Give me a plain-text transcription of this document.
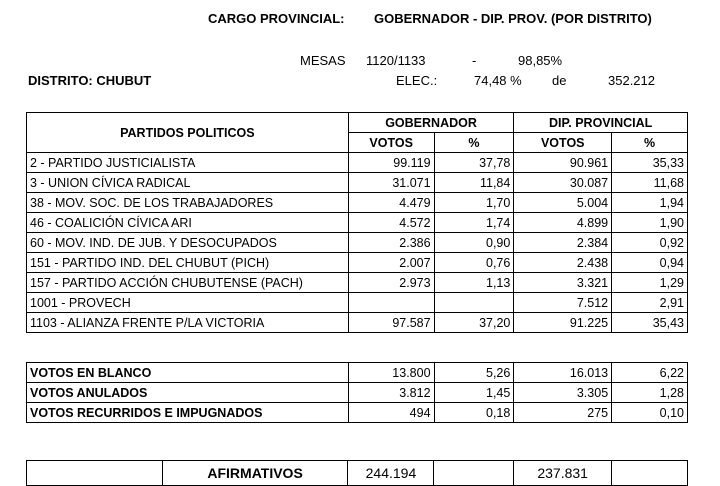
CARGO PROVINCIAL: GOBERNADOR - DIP. PROV. (POR DISTRITO)
MESAS 1120/1133	-	98,85%
DISTRITO: CHUBUT	ELEC.:	74,48 % de	352.212
PARTIDOS POLITICOS	GOBERNADOR		DIP. PROVINCIAL	
	VOTOS	%	VOTOS	%
2 - PARTIDO JUSTICIALISTA	99.119	37,78	90.961	35,33
3 - UNION CÍVICA RADICAL	31.071	11,84	30.087	11,68
38 - MOV. SOC. DE LOS TRABAJADORES	4.479	1,70	5.004	1,94
46 - COALICIÓN CÍVICA ARI	4.572	1,74	4.899	1,90
60 - MOV. IND. DE JUB. Y DESOCUPADOS	2.386	0,90	2.384	0,92
151 - PARTIDO IND. DEL CHUBUT (PICH)	2.007	0,76	2.438	0,94
157 - PARTIDO ACCIÓN CHUBUTENSE (PACH)	2.973	1,13	3.321	1,29
1001 - PROVECH			7.512	2,91
1103 - ALIANZA FRENTE P/LA VICTORIA	97.587	37,20	91.225	35,43
VOTOS EN BLANCO	13.800	5,26	16.013	6,22
VOTOS ANULADOS	3.812	1,45	3.305	1,28
VOTOS RECURRIDOS E IMPUGNADOS	494	0,18	275	0,10
	AFIRMATIVOS	244.194		237.831	
